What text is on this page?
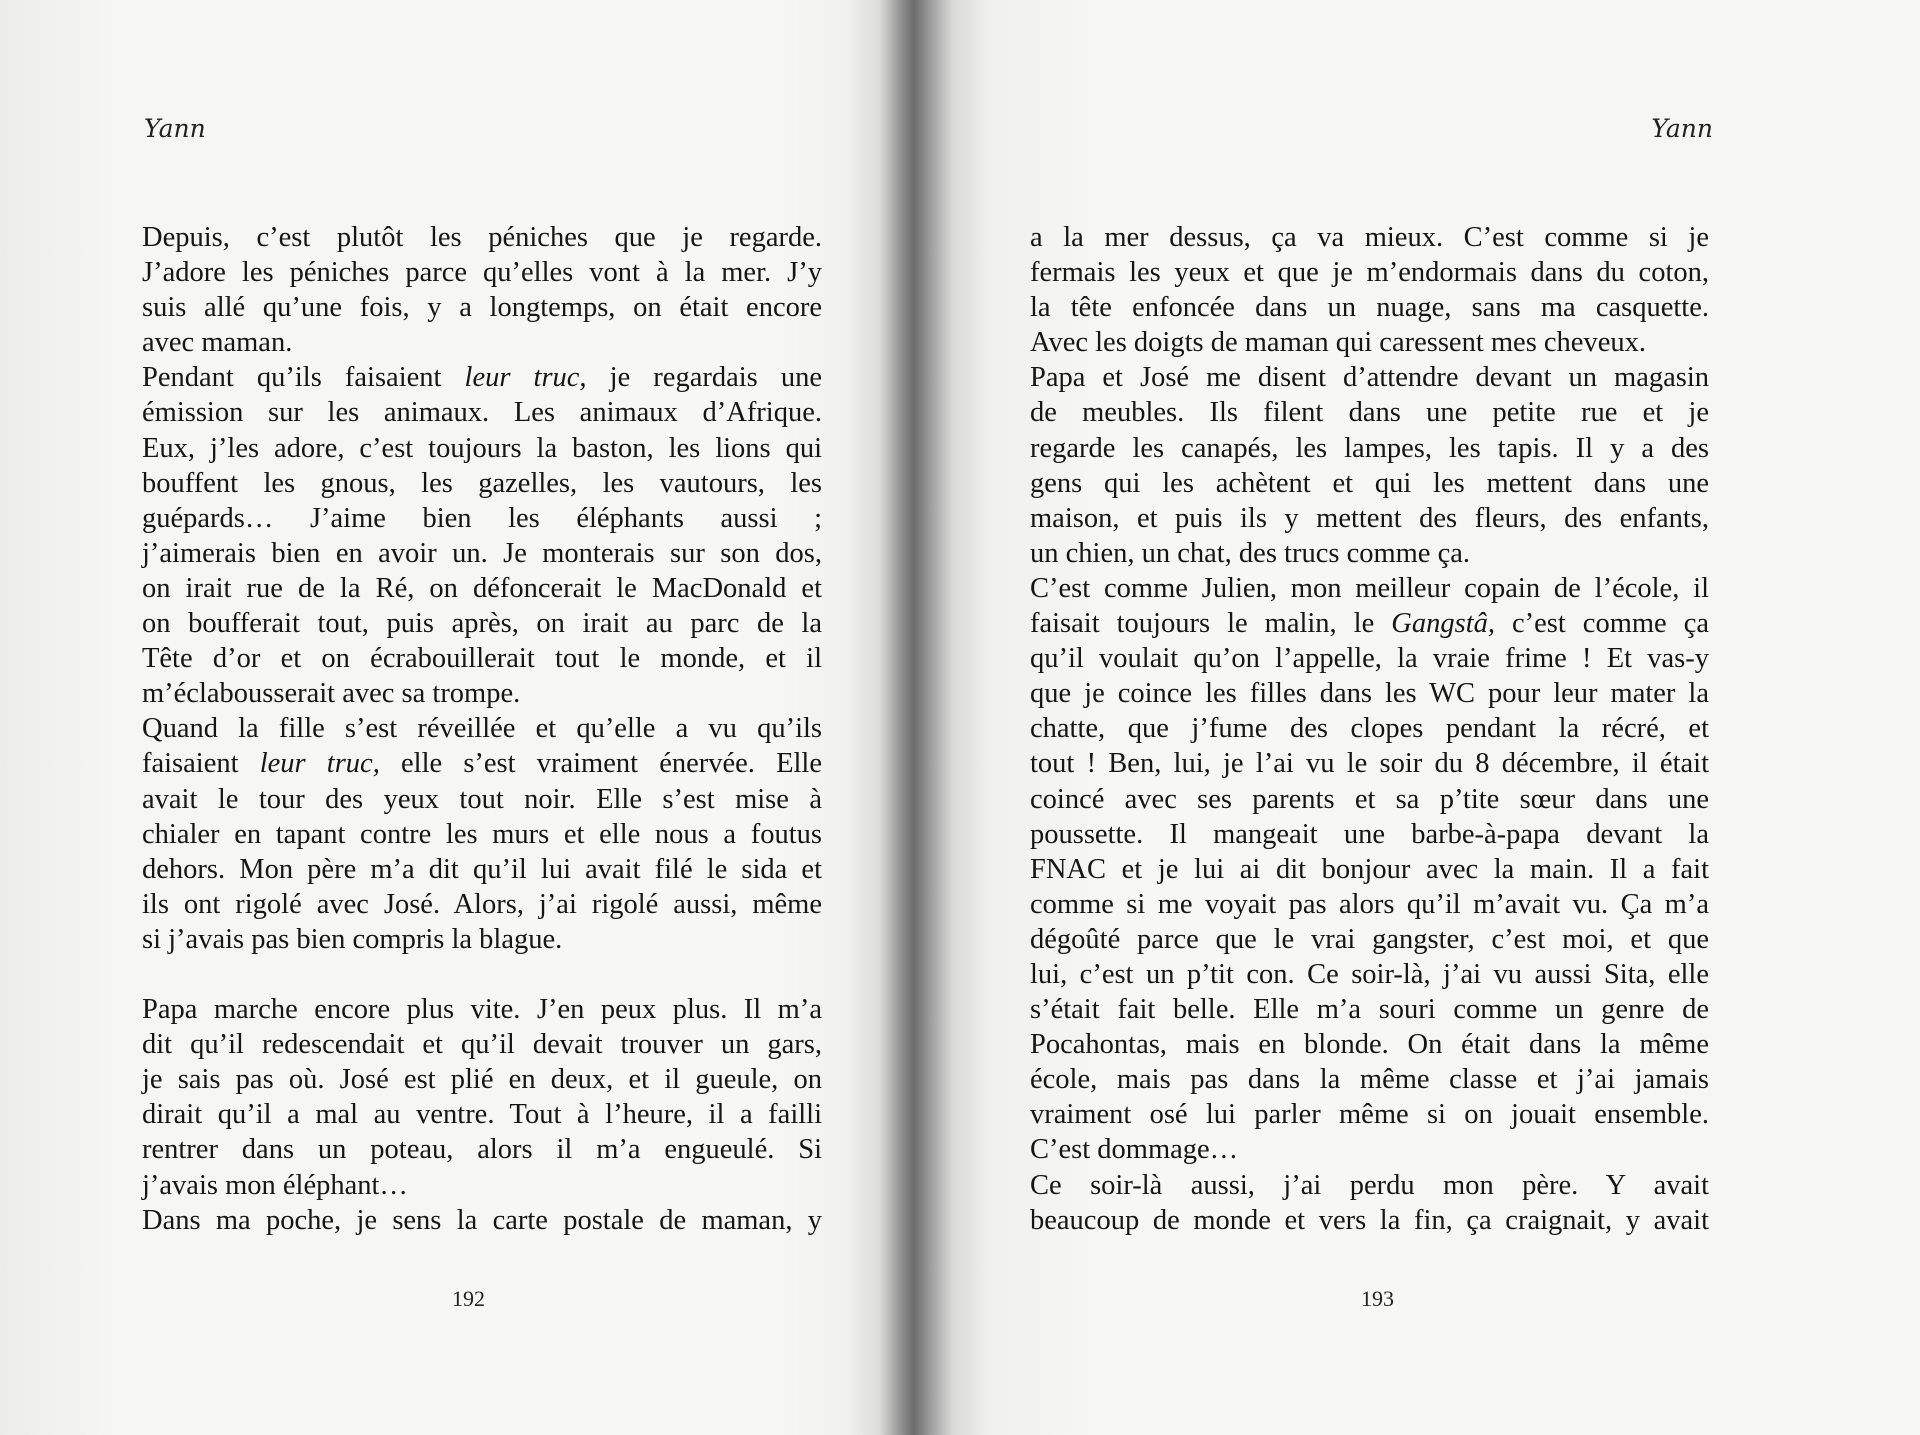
Yann
Depuis, c’est plutôt les péniches que je regarde.
J’adore les péniches parce qu’elles vont à la mer. J’y
suis allé qu’une fois, y a longtemps, on était encore
avec maman.
Pendant qu’ils faisaient leur truc, je regardais une
émission sur les animaux. Les animaux d’Afrique.
Eux, j’les adore, c’est toujours la baston, les lions qui
bouffent les gnous, les gazelles, les vautours, les
guépards… J’aime bien les éléphants aussi ;
j’aimerais bien en avoir un. Je monterais sur son dos,
on irait rue de la Ré, on défoncerait le MacDonald et
on boufferait tout, puis après, on irait au parc de la
Tête d’or et on écrabouillerait tout le monde, et il
m’éclabousserait avec sa trompe.
Quand la fille s’est réveillée et qu’elle a vu qu’ils
faisaient leur truc, elle s’est vraiment énervée. Elle
avait le tour des yeux tout noir. Elle s’est mise à
chialer en tapant contre les murs et elle nous a foutus
dehors. Mon père m’a dit qu’il lui avait filé le sida et
ils ont rigolé avec José. Alors, j’ai rigolé aussi, même
si j’avais pas bien compris la blague.
Papa marche encore plus vite. J’en peux plus. Il m’a
dit qu’il redescendait et qu’il devait trouver un gars,
je sais pas où. José est plié en deux, et il gueule, on
dirait qu’il a mal au ventre. Tout à l’heure, il a failli
rentrer dans un poteau, alors il m’a engueulé. Si
j’avais mon éléphant…
Dans ma poche, je sens la carte postale de maman, y
192
Yann
a la mer dessus, ça va mieux. C’est comme si je
fermais les yeux et que je m’endormais dans du coton,
la tête enfoncée dans un nuage, sans ma casquette.
Avec les doigts de maman qui caressent mes cheveux.
Papa et José me disent d’attendre devant un magasin
de meubles. Ils filent dans une petite rue et je
regarde les canapés, les lampes, les tapis. Il y a des
gens qui les achètent et qui les mettent dans une
maison, et puis ils y mettent des fleurs, des enfants,
un chien, un chat, des trucs comme ça.
C’est comme Julien, mon meilleur copain de l’école, il
faisait toujours le malin, le Gangstâ, c’est comme ça
qu’il voulait qu’on l’appelle, la vraie frime ! Et vas-y
que je coince les filles dans les WC pour leur mater la
chatte, que j’fume des clopes pendant la récré, et
tout ! Ben, lui, je l’ai vu le soir du 8 décembre, il était
coincé avec ses parents et sa p’tite sœur dans une
poussette. Il mangeait une barbe-à-papa devant la
FNAC et je lui ai dit bonjour avec la main. Il a fait
comme si me voyait pas alors qu’il m’avait vu. Ça m’a
dégoûté parce que le vrai gangster, c’est moi, et que
lui, c’est un p’tit con. Ce soir-là, j’ai vu aussi Sita, elle
s’était fait belle. Elle m’a souri comme un genre de
Pocahontas, mais en blonde. On était dans la même
école, mais pas dans la même classe et j’ai jamais
vraiment osé lui parler même si on jouait ensemble.
C’est dommage…
Ce soir-là aussi, j’ai perdu mon père. Y avait
beaucoup de monde et vers la fin, ça craignait, y avait
193
